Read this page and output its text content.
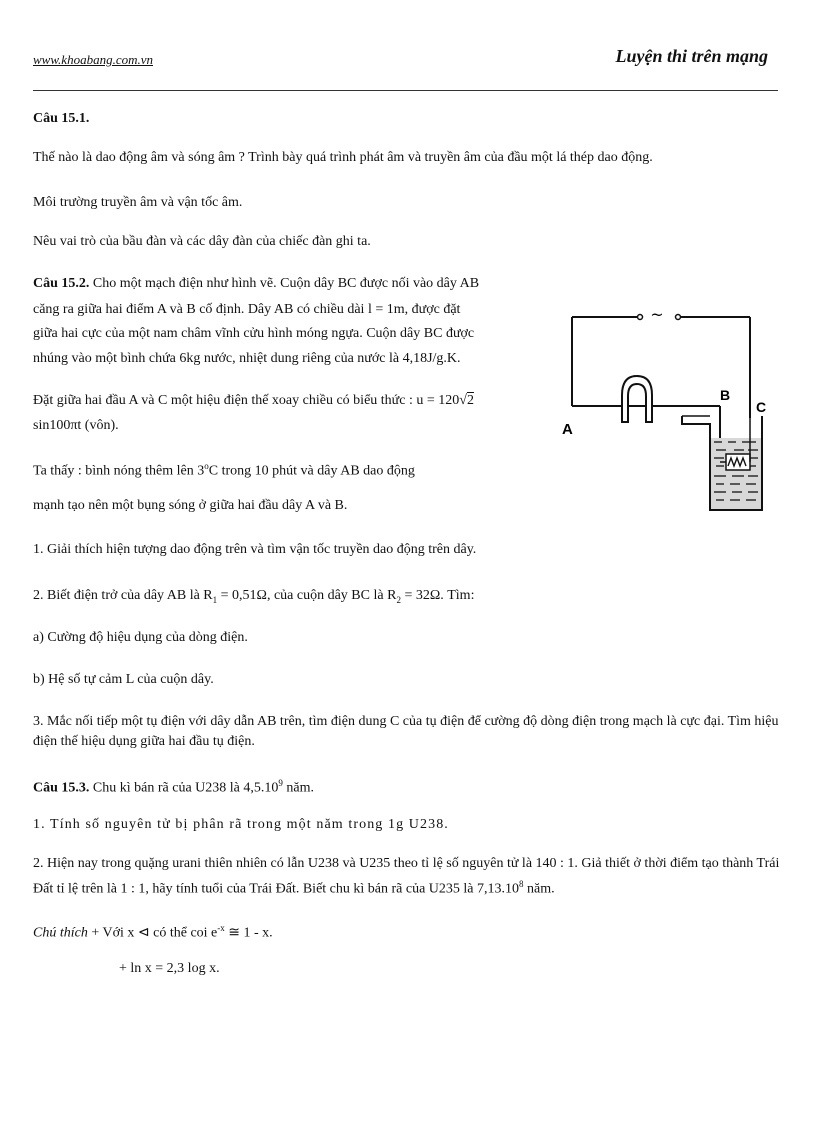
www.khoabang.com.vn	Luyện thi trên mạng
Câu 15.1.
Thế nào là dao động âm và sóng âm ? Trình bày quá trình phát âm và truyền âm của đầu một lá thép dao động.
Môi trường truyền âm và vận tốc âm.
Nêu vai trò của bầu đàn và các dây đàn của chiếc đàn ghi ta.
Câu 15.2. Cho một mạch điện như hình vẽ. Cuộn dây BC được nối vào dây AB
căng ra giữa hai điểm A và B cố định. Dây AB có chiều dài l = 1m, được đặt
giữa hai cực của một nam châm vĩnh cửu hình móng ngựa. Cuộn dây BC được
nhúng vào một bình chứa 6kg nước, nhiệt dung riêng của nước là 4,18J/g.K.
Đặt giữa hai đầu A và C một hiệu điện thế xoay chiều có biểu thức : u = 120√2
sin100πt (vôn).
Ta thấy : bình nóng thêm lên 3$^o$C trong 10 phút và dây AB dao động
mạnh tạo nên một bụng sóng ở giữa hai đầu dây A và B.
1. Giải thích hiện tượng dao động trên và tìm vận tốc truyền dao động trên dây.
2. Biết điện trở của dây AB là $R_1 = 0,51\Omega$, của cuộn dây BC là $R_2 = 32\Omega$. Tìm:
a) Cường độ hiệu dụng của dòng điện.
b) Hệ số tự cảm L của cuộn dây.
3. Mắc nối tiếp một tụ điện với dây dẫn AB trên, tìm điện dung C của tụ điện để cường độ dòng điện trong mạch là cực đại. Tìm hiệu điện thế hiệu dụng giữa hai đầu tụ điện.
~
A
B
C
Câu 15.3. Chu kì bán rã của U238 là 4,5.10$^9$ năm.
1. Tính số nguyên tử bị phân rã trong một năm trong 1g U238.
2. Hiện nay trong quặng urani thiên nhiên có lẫn U238 và U235 theo tỉ lệ số nguyên tử là 140 : 1. Giả thiết ở thời điểm tạo thành Trái Đất tỉ lệ trên là 1 : 1, hãy tính tuổi của Trái Đất. Biết chu kì bán rã của U235 là 7,13.10$^8$ năm.
Chú thích + Với x ⊲ có thể coi $e^{-x}$ ≅ 1 - x.
+ ln x = 2,3 log x.
